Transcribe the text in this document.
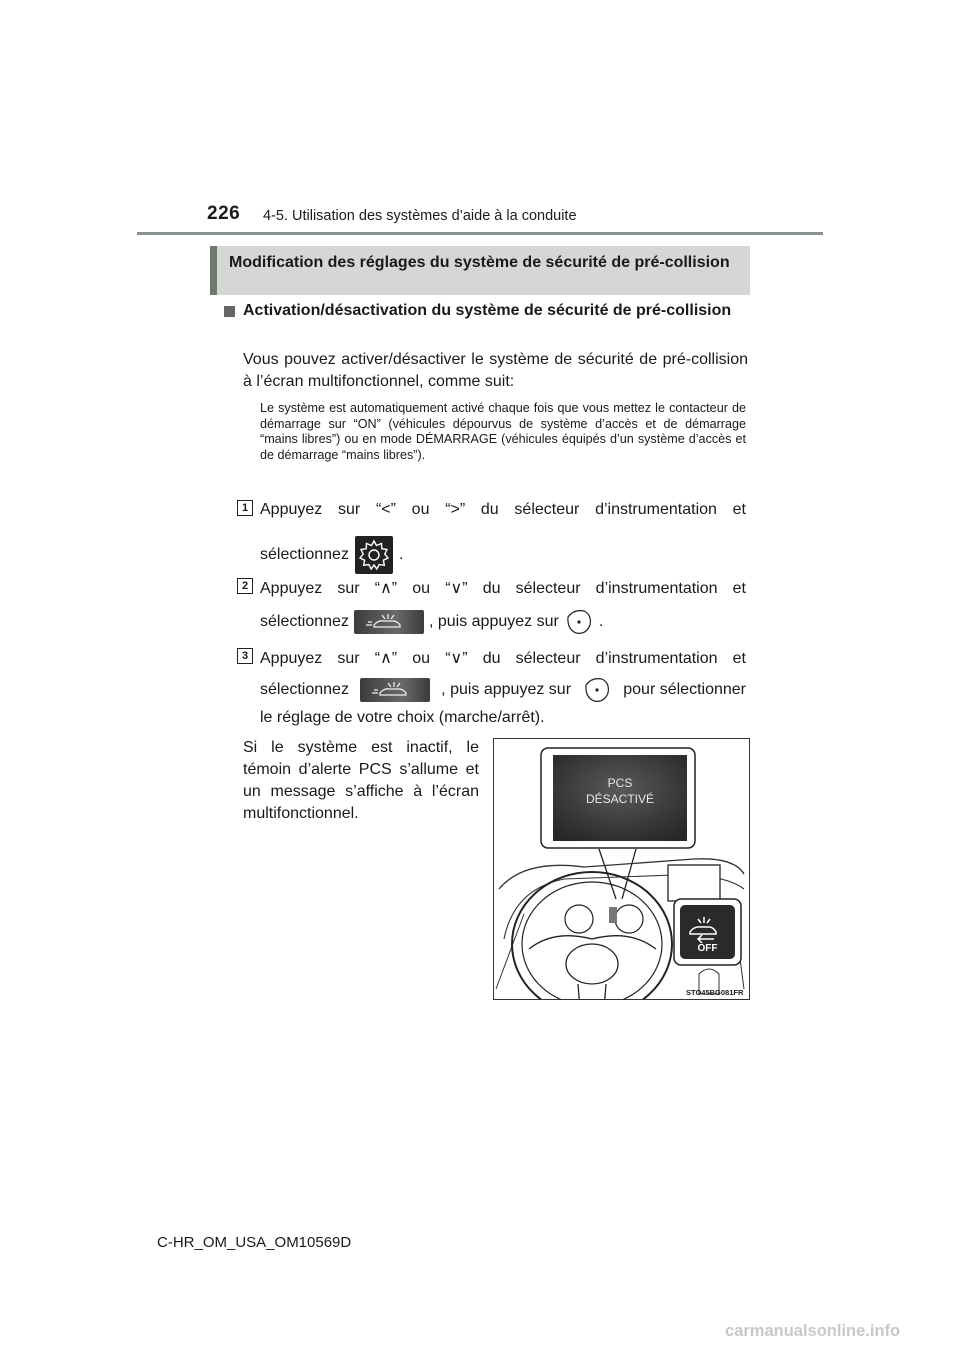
226 4-5. Utilisation des systèmes d’aide à la conduite
Modification des réglages du système de sécurité de pré-collision
Activation/désactivation du système de sécurité de pré-collision
Vous pouvez activer/désactiver le système de sécurité de pré-collision à l’écran multifonctionnel, comme suit:
Le système est automatiquement activé chaque fois que vous mettez le contacteur de démarrage sur “ON” (véhicules dépourvus de système d’accès et de démarrage “mains libres”) ou en mode DÉMARRAGE (véhicules équipés d’un système d’accès et de démarrage “mains libres”).
1 Appuyez sur “<” ou “>” du sélecteur d’instrumentation et
sélectionnez	.
2 Appuyez sur “∧” ou “∨” du sélecteur d’instrumentation et
sélectionnez	, puis appuyez sur	.
3 Appuyez sur “∧” ou “∨” du sélecteur d’instrumentation et
sélectionnez	, puis appuyez sur	pour sélectionner
le réglage de votre choix (marche/arrêt).
Si le système est inactif, le témoin d’alerte PCS s’allume et un message s’affiche à l’écran multifonctionnel.
PCS
DÉSACTIVÉ
OFF
STO45BG081FR
C-HR_OM_USA_OM10569D
carmanualsonline.info
